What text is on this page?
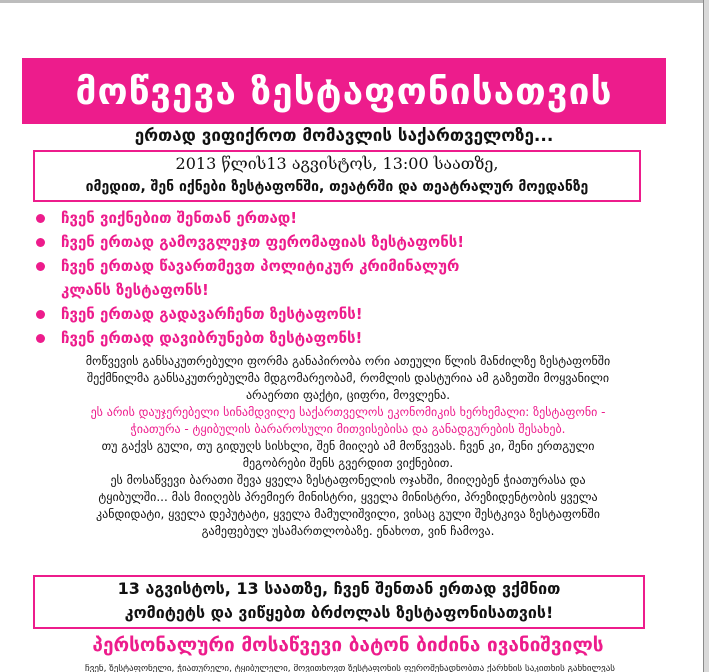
მოწვევა ზესტაფონისათვის
ერთად ვიფიქროთ მომავლის საქართველოზე...
2013 წლის13 აგვისტოს, 13:00 საათზე,
იმედით, შენ იქნები ზესტაფონში, თეატრში და თეატრალურ მოედანზე
ჩვენ ვიქნებით შენთან ერთად!
ჩვენ ერთად გამოვგლეჯთ ფერომაფიას ზესტაფონს!
ჩვენ ერთად წავართმევთ პოლიტიკურ კრიმინალურ
კლანს ზესტაფონს!
ჩვენ ერთად გადავარჩენთ ზესტაფონს!
ჩვენ ერთად დავიბრუნებთ ზესტაფონს!

მოწვევის განსაკუთრებული ფორმა განაპირობა ორი ათეული წლის მანძილზე ზესტაფონში

შექმნილმა განსაკუთრებულმა მდგომარეობამ, რომლის დასტურია ამ გაზეთში მოყვანილი

არაერთი ფაქტი, ციფრი, მოვლენა.

ეს არის დაუჯერებელი სინამდვილე საქართველოს ეკონომიკის ხერხემალი: ზესტაფონი -

ჭიათურა - ტყიბულის ბარაროსული მითვისებისა და განადგურების შესახებ.

თუ გაქვს გული, თუ გიდუღს სისხლი, შენ მიიღებ ამ მოწვევას. ჩვენ კი, შენი ერთგული

მეგობრები შენს გვერდით ვიქნებით.

ეს მოსაწვევი ბარათი შევა ყველა ზესტაფონელის ოჯახში, მიიღებენ ჭიათურასა და

ტყიბულში... მას მიიღებს პრემიერ მინისტრი, ყველა მინისტრი, პრეზიდენტობის ყველა

კანდიდატი, ყველა დეპუტატი, ყველა მამულიშვილი, ვისაც გული შესტკივა ზესტაფონში

გამეფებულ უსამართლობაზე. ენახოთ, ვინ ჩამოვა.

13 აგვისტოს, 13 საათზე, ჩვენ შენთან ერთად ვქმნით
კომიტეტს და ვიწყებთ ბრძოლას ზესტაფონისათვის!
პერსონალური მოსაწვევი ბატონ ბიძინა ივანიშვილს
ჩვენ, ზესტაფონელი, ჭიათურელი, ტყიბულელი, მოვითხოვთ ზესტაფონის ფეროშენადნობთა ქარხნის საკითხის განხილვას
